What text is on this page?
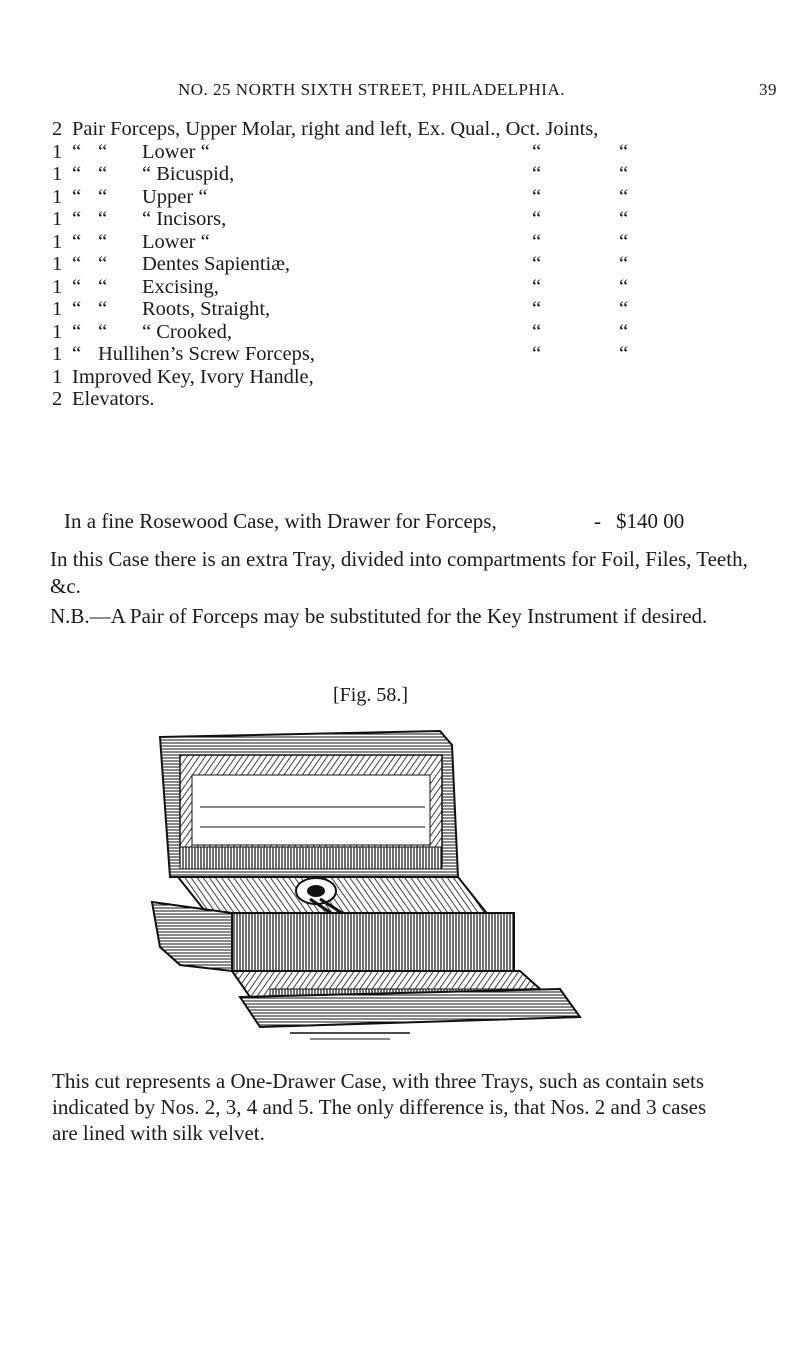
NO. 25 NORTH SIXTH STREET, PHILADELPHIA.	39
2 Pair Forceps, Upper Molar, right and left, Ex. Qual., Oct. Joints,
1 “ “ Lower “	“	“
1 “ “ “ Bicuspid,	“	“
1 “ “ Upper “	“	“
1 “ “ “ Incisors,	“	“
1 “ “ Lower “	“	“
1 “ “ Dentes Sapientiæ,	“	“
1 “ “ Excising,	“	“
1 “ “ Roots, Straight,	“	“
1 “ “ “ Crooked,	“	“
1 “ Hullihen’s Screw Forceps,	“	“
1 Improved Key, Ivory Handle,
2 Elevators.
In a fine Rosewood Case, with Drawer for Forceps,	- $140 00
In this Case there is an extra Tray, divided into compartments for Foil, Files, Teeth, &c.
N.B.—A Pair of Forceps may be substituted for the Key Instrument if desired.
[Fig. 58.]
This cut represents a One-Drawer Case, with three Trays, such as contain sets indicated by Nos. 2, 3, 4 and 5. The only difference is, that Nos. 2 and 3 cases are lined with silk velvet.
